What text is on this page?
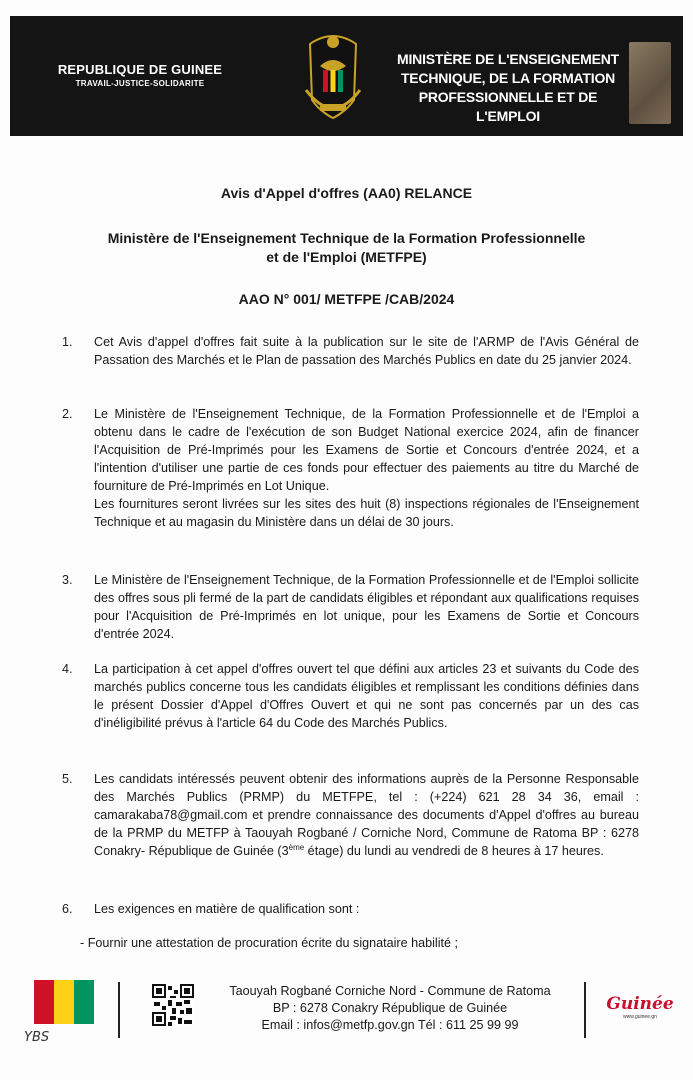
REPUBLIQUE DE GUINEE
TRAVAIL-JUSTICE-SOLIDARITE
MINISTÈRE DE L'ENSEIGNEMENT
TECHNIQUE, DE LA FORMATION
PROFESSIONNELLE ET DE L'EMPLOI
Avis d'Appel d'offres (AA0) RELANCE
Ministère de l'Enseignement Technique de la Formation Professionnelle
et de l'Emploi (METFPE)
AAO N° 001/ METFPE /CAB/2024
1.	Cet Avis d'appel d'offres fait suite à la publication sur le site de l'ARMP de l'Avis Général de Passation des Marchés et le Plan de passation des Marchés Publics en date du 25 janvier 2024.

2.	Le Ministère de l'Enseignement Technique, de la Formation Professionnelle et de l'Emploi a obtenu dans le cadre de l'exécution de son Budget National exercice 2024, afin de financer l'Acquisition de Pré-Imprimés pour les Examens de Sortie et Concours d'entrée 2024, et a l'intention d'utiliser une partie de ces fonds pour effectuer des paiements au titre du Marché de fourniture de Pré-Imprimés en Lot Unique.

Les fournitures seront livrées sur les sites des huit (8) inspections régionales de l'Enseignement Technique et au magasin du Ministère dans un délai de 30 jours.

3.	Le Ministère de l'Enseignement Technique, de la Formation Professionnelle et de l'Emploi sollicite des offres sous pli fermé de la part de candidats éligibles et répondant aux qualifications requises pour l'Acquisition de Pré-Imprimés en lot unique, pour les Examens de Sortie et Concours d'entrée 2024.

4.	La participation à cet appel d'offres ouvert tel que défini aux articles 23 et suivants du Code des marchés publics concerne tous les candidats éligibles et remplissant les conditions définies dans le présent Dossier d'Appel d'Offres Ouvert et qui ne sont pas concernés par un des cas d'inéligibilité prévus à l'article 64 du Code des Marchés Publics.

5.	Les candidats intéressés peuvent obtenir des informations auprès de la Personne Responsable des Marchés Publics (PRMP) du METFPE, tel : (+224) 621 28 34 36, email : camarakaba78@gmail.com et prendre connaissance des documents d'Appel d'offres au bureau de la PRMP du METFP à Taouyah Rogbané / Corniche Nord, Commune de Ratoma BP : 6278 Conakry- République de Guinée (3ème étage) du lundi au vendredi de 8 heures à 17 heures.

6.	Les exigences en matière de qualification sont :

- Fournir une attestation de procuration écrite du signataire habilité ;
Taouyah Rogbané Corniche Nord - Commune de Ratoma
BP : 6278 Conakry République de Guinée
Email : infos@metfp.gov.gn Tél : 611 25 99 99
Guinée
www.guinee.gn
YBS
